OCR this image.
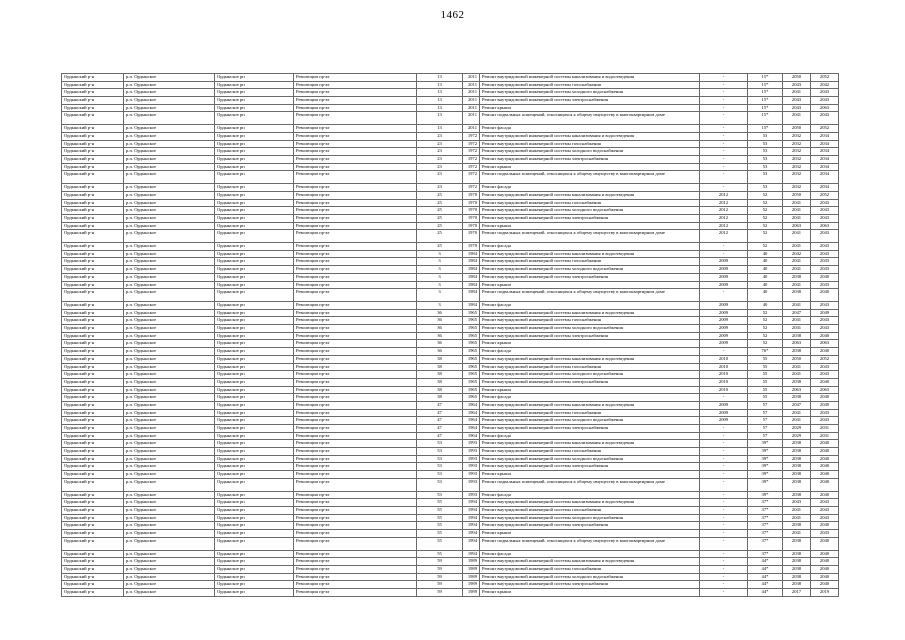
1462
Ордынский р-н	р.п. Ордынское	Ордынское рп	Революции пр-кт	13	2011	Ремонт внутридомовой инженерной системы канализования и водоотведения	-	15*	2050	2052
Ордынский р-н	р.п. Ордынское	Ордынское рп	Революции пр-кт	13	2011	Ремонт внутридомовой инженерной системы газоснабжения	-	15*	2043	2042
Ордынский р-н	р.п. Ордынское	Ордынское рп	Революции пр-кт	13	2011	Ремонт внутридомовой инженерной системы холодного водоснабжения	-	15*	2041	2043
Ордынский р-н	р.п. Ордынское	Ордынское рп	Революции пр-кт	13	2011	Ремонт внутридомовой инженерной системы электроснабжения	-	15*	2043	2043
Ордынский р-н	р.п. Ордынское	Ордынское рп	Революции пр-кт	13	2011	Ремонт крыши	-	15*	2043	2063
Ордынский р-н	р.п. Ордынское	Ордынское рп	Революции пр-кт	13	2011	Ремонт подвальных помещений, относящихся к общему имуществу в многоквартирном доме	-	15*	2041	2043
Ордынский р-н	р.п. Ордынское	Ордынское рп	Революции пр-кт	13	2011	Ремонт фасада	-	15*	2050	2052
Ордынский р-н	р.п. Ордынское	Ордынское рп	Революции пр-кт	23	1972	Ремонт внутридомовой инженерной системы канализования и водоотведения	-	53	2032	2034
Ордынский р-н	р.п. Ордынское	Ордынское рп	Революции пр-кт	23	1972	Ремонт внутридомовой инженерной системы газоснабжения	-	53	2032	2034
Ордынский р-н	р.п. Ордынское	Ордынское рп	Революции пр-кт	23	1972	Ремонт внутридомовой инженерной системы холодного водоснабжения	-	53	2032	2034
Ордынский р-н	р.п. Ордынское	Ордынское рп	Революции пр-кт	23	1972	Ремонт внутридомовой инженерной системы электроснабжения	-	53	2032	2034
Ордынский р-н	р.п. Ордынское	Ордынское рп	Революции пр-кт	23	1972	Ремонт крыши	-	53	2032	2034
Ордынский р-н	р.п. Ордынское	Ордынское рп	Революции пр-кт	23	1972	Ремонт подвальных помещений, относящихся к общему имуществу в многоквартирном доме	-	53	2032	2034
Ордынский р-н	р.п. Ордынское	Ордынское рп	Революции пр-кт	23	1972	Ремонт фасада	-	53	2032	2034
Ордынский р-н	р.п. Ордынское	Ордынское рп	Революции пр-кт	25	1970	Ремонт внутридомовой инженерной системы канализования и водоотведения	2012	52	2050	2052
Ордынский р-н	р.п. Ордынское	Ордынское рп	Революции пр-кт	25	1970	Ремонт внутридомовой инженерной системы газоснабжения	2012	52	2041	2043
Ордынский р-н	р.п. Ордынское	Ордынское рп	Революции пр-кт	25	1970	Ремонт внутридомовой инженерной системы холодного водоснабжения	2012	52	2041	2043
Ордынский р-н	р.п. Ордынское	Ордынское рп	Революции пр-кт	25	1970	Ремонт внутридомовой инженерной системы электроснабжения	2012	52	2041	2043
Ордынский р-н	р.п. Ордынское	Ордынское рп	Революции пр-кт	25	1970	Ремонт крыши	2012	52	2063	2063
Ордынский р-н	р.п. Ордынское	Ордынское рп	Революции пр-кт	25	1970	Ремонт подвальных помещений, относящихся к общему имуществу в многоквартирном доме	2012	52	2041	2043
Ордынский р-н	р.п. Ордынское	Ордынское рп	Революции пр-кт	25	1970	Ремонт фасада	-	52	2041	2043
Ордынский р-н	р.п. Ордынское	Ордынское рп	Революции пр-кт	3	1984	Ремонт внутридомовой инженерной системы канализования и водоотведения	-	40	2042	2043
Ордынский р-н	р.п. Ордынское	Ордынское рп	Революции пр-кт	3	1984	Ремонт внутридомовой инженерной системы газоснабжения	2009	40	2041	2043
Ордынский р-н	р.п. Ордынское	Ордынское рп	Революции пр-кт	3	1984	Ремонт внутридомовой инженерной системы холодного водоснабжения	2009	40	2041	2043
Ордынский р-н	р.п. Ордынское	Ордынское рп	Революции пр-кт	3	1984	Ремонт внутридомовой инженерной системы электроснабжения	2009	40	2038	2040
Ордынский р-н	р.п. Ордынское	Ордынское рп	Революции пр-кт	3	1984	Ремонт крыши	2009	40	2041	2043
Ордынский р-н	р.п. Ордынское	Ордынское рп	Революции пр-кт	3	1984	Ремонт подвальных помещений, относящихся к общему имуществу в многоквартирном доме	-	40	2038	2040
Ордынский р-н	р.п. Ордынское	Ордынское рп	Революции пр-кт	3	1984	Ремонт фасада	2009	40	2041	2043
Ордынский р-н	р.п. Ордынское	Ордынское рп	Революции пр-кт	36	1965	Ремонт внутридомовой инженерной системы канализования и водоотведения	2009	52	2047	2049
Ордынский р-н	р.п. Ордынское	Ордынское рп	Революции пр-кт	36	1965	Ремонт внутридомовой инженерной системы газоснабжения	2009	52	2041	2043
Ордынский р-н	р.п. Ордынское	Ордынское рп	Революции пр-кт	36	1965	Ремонт внутридомовой инженерной системы холодного водоснабжения	2009	52	2041	2043
Ордынский р-н	р.п. Ордынское	Ордынское рп	Революции пр-кт	36	1965	Ремонт внутридомовой инженерной системы электроснабжения	2009	52	2038	2040
Ордынский р-н	р.п. Ордынское	Ордынское рп	Революции пр-кт	36	1965	Ремонт крыши	2009	52	2063	2063
Ордынский р-н	р.п. Ордынское	Ордынское рп	Революции пр-кт	36	1965	Ремонт фасада	-	76*	2038	2040
Ордынский р-н	р.п. Ордынское	Ордынское рп	Революции пр-кт	38	1965	Ремонт внутридомовой инженерной системы канализования и водоотведения	2010	55	2050	2052
Ордынский р-н	р.п. Ордынское	Ордынское рп	Революции пр-кт	38	1965	Ремонт внутридомовой инженерной системы газоснабжения	2010	55	2041	2043
Ордынский р-н	р.п. Ордынское	Ордынское рп	Революции пр-кт	38	1965	Ремонт внутридомовой инженерной системы холодного водоснабжения	2010	55	2041	2043
Ордынский р-н	р.п. Ордынское	Ордынское рп	Революции пр-кт	38	1965	Ремонт внутридомовой инженерной системы электроснабжения	2010	55	2038	2040
Ордынский р-н	р.п. Ордынское	Ордынское рп	Революции пр-кт	38	1965	Ремонт крыши	2010	55	2063	2063
Ордынский р-н	р.п. Ордынское	Ордынское рп	Революции пр-кт	38	1965	Ремонт фасада	-	55	2038	2040
Ордынский р-н	р.п. Ордынское	Ордынское рп	Революции пр-кт	47	1964	Ремонт внутридомовой инженерной системы канализования и водоотведения	2009	57	2047	2049
Ордынский р-н	р.п. Ордынское	Ордынское рп	Революции пр-кт	47	1964	Ремонт внутридомовой инженерной системы газоснабжения	2009	57	2041	2043
Ордынский р-н	р.п. Ордынское	Ордынское рп	Революции пр-кт	47	1964	Ремонт внутридомовой инженерной системы холодного водоснабжения	2009	57	2041	2043
Ордынский р-н	р.п. Ордынское	Ордынское рп	Революции пр-кт	47	1964	Ремонт внутридомовой инженерной системы электроснабжения	-	57	2029	2031
Ордынский р-н	р.п. Ордынское	Ордынское рп	Революции пр-кт	47	1964	Ремонт фасада	-	57	2029	2031
Ордынский р-н	р.п. Ордынское	Ордынское рп	Революции пр-кт	53	1993	Ремонт внутридомовой инженерной системы канализования и водоотведения	-	39*	2038	2040
Ордынский р-н	р.п. Ордынское	Ордынское рп	Революции пр-кт	53	1993	Ремонт внутридомовой инженерной системы газоснабжения	-	39*	2038	2040
Ордынский р-н	р.п. Ордынское	Ордынское рп	Революции пр-кт	53	1993	Ремонт внутридомовой инженерной системы холодного водоснабжения	-	39*	2038	2040
Ордынский р-н	р.п. Ордынское	Ордынское рп	Революции пр-кт	53	1993	Ремонт внутридомовой инженерной системы электроснабжения	-	39*	2038	2040
Ордынский р-н	р.п. Ордынское	Ордынское рп	Революции пр-кт	53	1993	Ремонт крыши	-	39*	2038	2040
Ордынский р-н	р.п. Ордынское	Ордынское рп	Революции пр-кт	53	1993	Ремонт подвальных помещений, относящихся к общему имуществу в многоквартирном доме	-	39*	2038	2040
Ордынский р-н	р.п. Ордынское	Ордынское рп	Революции пр-кт	53	1993	Ремонт фасада	-	39*	2038	2040
Ордынский р-н	р.п. Ордынское	Ордынское рп	Революции пр-кт	55	1994	Ремонт внутридомовой инженерной системы канализования и водоотведения	-	37*	2043	2043
Ордынский р-н	р.п. Ордынское	Ордынское рп	Революции пр-кт	55	1994	Ремонт внутридомовой инженерной системы газоснабжения	-	37*	2041	2043
Ордынский р-н	р.п. Ордынское	Ордынское рп	Революции пр-кт	55	1994	Ремонт внутридомовой инженерной системы холодного водоснабжения	-	37*	2041	2043
Ордынский р-н	р.п. Ордынское	Ордынское рп	Революции пр-кт	55	1994	Ремонт внутридомовой инженерной системы электроснабжения	-	37*	2038	2040
Ордынский р-н	р.п. Ордынское	Ордынское рп	Революции пр-кт	55	1994	Ремонт крыши	-	37*	2041	2043
Ордынский р-н	р.п. Ордынское	Ордынское рп	Революции пр-кт	55	1994	Ремонт подвальных помещений, относящихся к общему имуществу в многоквартирном доме	-	37*	2038	2040
Ордынский р-н	р.п. Ордынское	Ордынское рп	Революции пр-кт	55	1994	Ремонт фасада	-	37*	2038	2040
Ордынский р-н	р.п. Ордынское	Ордынское рп	Революции пр-кт	59	1989	Ремонт внутридомовой инженерной системы канализования и водоотведения	-	44*	2038	2040
Ордынский р-н	р.п. Ордынское	Ордынское рп	Революции пр-кт	59	1989	Ремонт внутридомовой инженерной системы газоснабжения	-	44*	2038	2040
Ордынский р-н	р.п. Ордынское	Ордынское рп	Революции пр-кт	59	1989	Ремонт внутридомовой инженерной системы холодного водоснабжения	-	44*	2038	2040
Ордынский р-н	р.п. Ордынское	Ордынское рп	Революции пр-кт	59	1989	Ремонт внутридомовой инженерной системы электроснабжения	-	44*	2038	2040
Ордынский р-н	р.п. Ордынское	Ордынское рп	Революции пр-кт	59	1989	Ремонт крыши	-	44*	2017	2019
